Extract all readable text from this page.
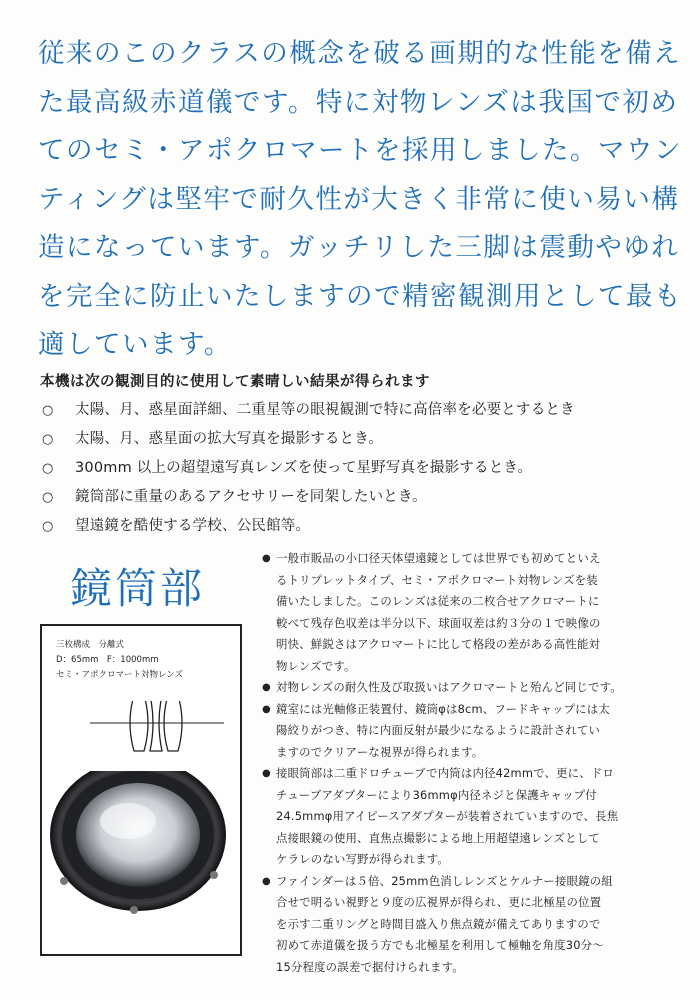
従来のこのクラスの概念を破る画期的な性能を備え
た最高級赤道儀です。特に対物レンズは我国で初め
てのセミ・アポクロマートを採用しました。マウン
ティングは堅牢で耐久性が大きく非常に使い易い構
造になっています。ガッチリした三脚は震動やゆれ
を完全に防止いたしますので精密観測用として最も
適しています。
本機は次の観測目的に使用して素晴しい結果が得られます
○ 太陽、月、惑星面詳細、二重星等の眼視観測で特に高倍率を必要とするとき
○ 太陽、月、惑星面の拡大写真を撮影するとき。
○ 300mm 以上の超望遠写真レンズを使って星野写真を撮影するとき。
○ 鏡筒部に重量のあるアクセサリーを同架したいとき。
○ 望遠鏡を酷使する学校、公民館等。
鏡筒部
三枚構成　分離式
D：65mm　F：1000mm
セミ・アポクロマート対物レンズ
● 一般市販品の小口径天体望遠鏡としては世界でも初めてといえ
るトリプレットタイプ、セミ・アポクロマート対物レンズを装
備いたしました。このレンズは従来の二枚合せアクロマートに
較べて残存色収差は半分以下、球面収差は約３分の１で映像の
明快、鮮鋭さはアクロマートに比して格段の差がある高性能対
物レンズです。
● 対物レンズの耐久性及び取扱いはアクロマートと殆んど同じです。
● 鏡室には光軸修正装置付、鏡筒φは8cm、フードキャップには太
陽絞りがつき、特に内面反射が最少になるように設計されてい
ますのでクリアーな視界が得られます。
● 接眼筒部は二重ドロチューブで内筒は内径42mmで、更に、ドロ
チューブアダプターにより36mmφ内径ネジと保護キャップ付
24.5mmφ用アイピースアダプターが装着されていますので、長焦
点接眼鏡の使用、直焦点撮影による地上用超望遠レンズとして
ケラレのない写野が得られます。
● ファインダーは５倍、25mm色消しレンズとケルナー接眼鏡の組
合せで明るい視野と９度の広視界が得られ、更に北極星の位置
を示す二重リングと時間目盛入り焦点鏡が備えてありますので
初めて赤道儀を扱う方でも北極星を利用して極軸を角度30分～
15分程度の誤差で据付けられます。
